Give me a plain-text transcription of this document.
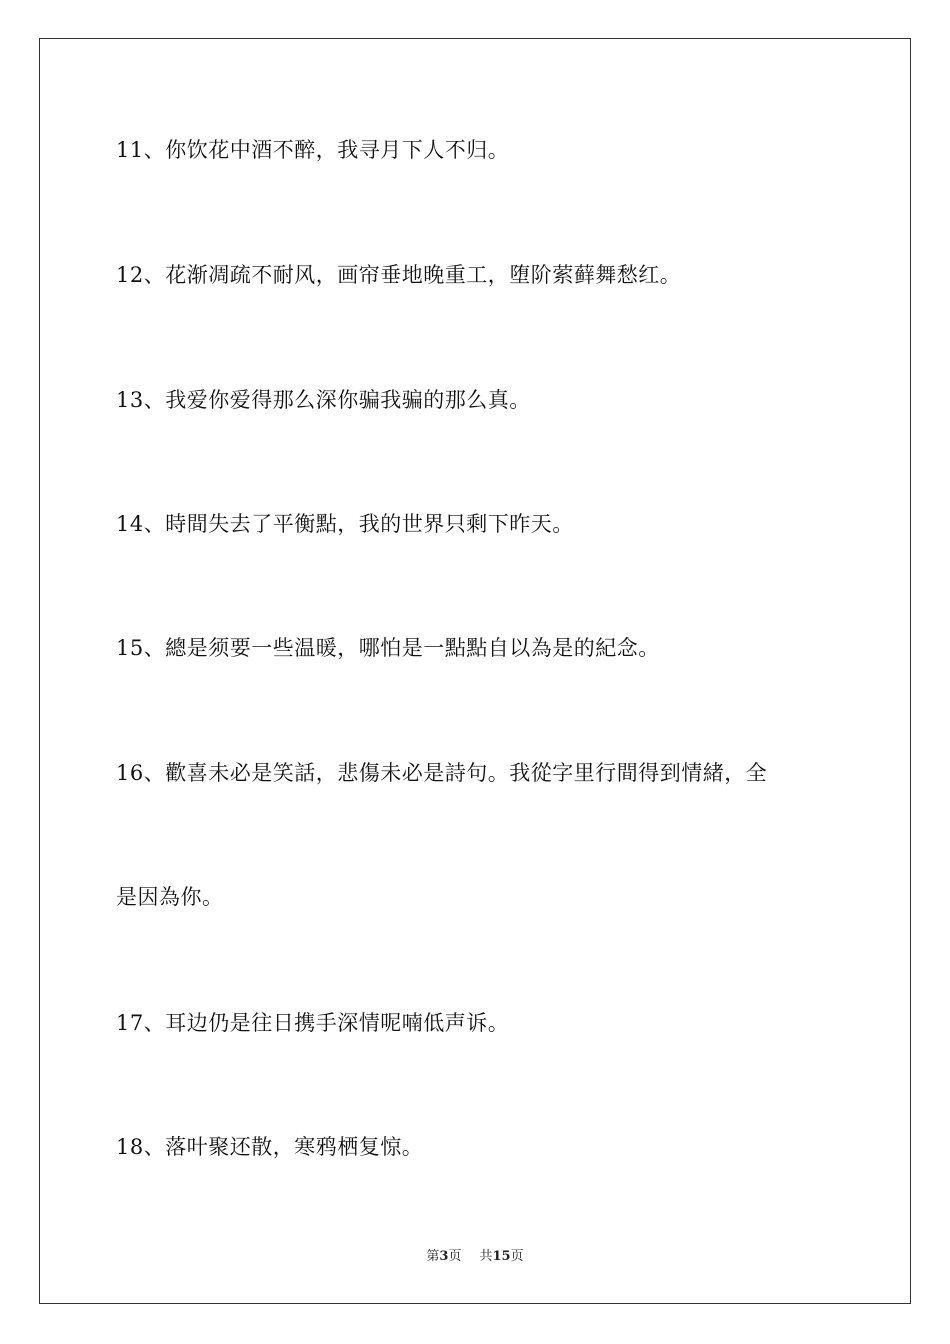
11、你饮花中酒不醉，我寻月下人不归。
12、花渐凋疏不耐风，画帘垂地晚重工，堕阶萦藓舞愁红。
13、我爱你爱得那么深你骗我骗的那么真。
14、時間失去了平衡點，我的世界只剩下昨天。
15、總是须要一些温暖，哪怕是一點點自以為是的紀念。
16、歡喜未必是笑話，悲傷未必是詩句。我從字里行間得到情緒，全
是因為你。
17、耳边仍是往日携手深情呢喃低声诉。
18、落叶聚还散，寒鸦栖复惊。
第3页 共15页
